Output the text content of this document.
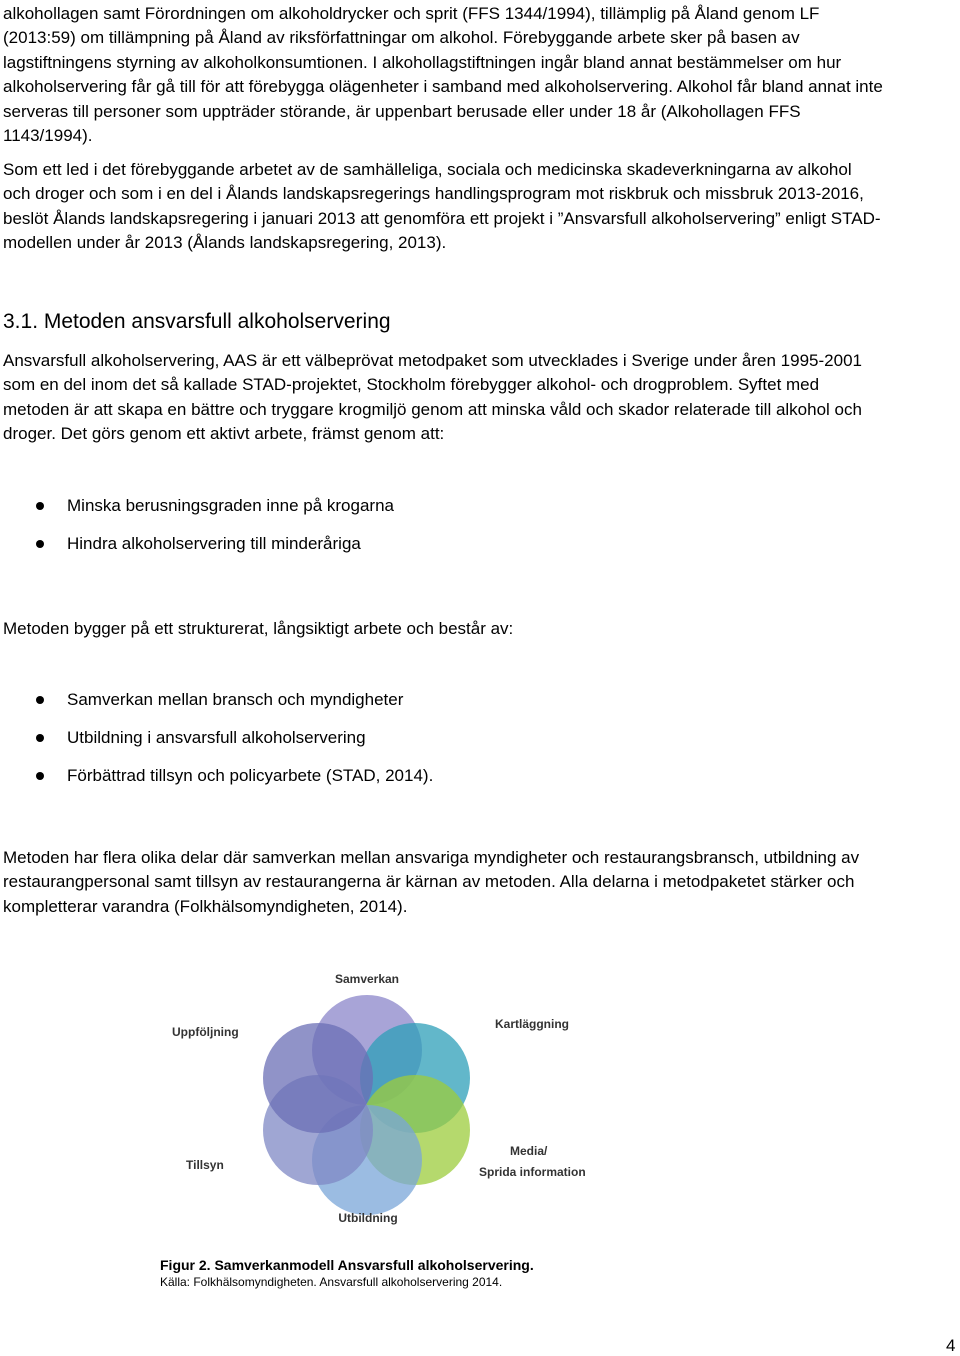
alkohollagen samt Förordningen om alkoholdrycker och sprit (FFS 1344/1994), tillämplig på Åland genom LF (2013:59) om tillämpning på Åland av riksförfattningar om alkohol. Förebyggande arbete sker på basen av lagstiftningens styrning av alkoholkonsumtionen. I alkohollagstiftningen ingår bland annat bestämmelser om hur alkoholservering får gå till för att förebygga olägenheter i samband med alkoholservering. Alkohol får bland annat inte serveras till personer som uppträder störande, är uppenbart berusade eller under 18 år (Alkohollagen FFS 1143/1994).

Som ett led i det förebyggande arbetet av de samhälleliga, sociala och medicinska skadeverkningarna av alkohol och droger och som i en del i Ålands landskapsregerings handlingsprogram mot riskbruk och missbruk 2013-2016, beslöt Ålands landskapsregering i januari 2013 att genomföra ett projekt i ”Ansvarsfull alkoholservering” enligt STAD-modellen under år 2013 (Ålands landskapsregering, 2013).

3.1. Metoden ansvarsfull alkoholservering

Ansvarsfull alkoholservering, AAS är ett välbeprövat metodpaket som utvecklades i Sverige under åren 1995-2001 som en del inom det så kallade STAD-projektet, Stockholm förebygger alkohol- och drogproblem. Syftet med metoden är att skapa en bättre och tryggare krogmiljö genom att minska våld och skador relaterade till alkohol och droger. Det görs genom ett aktivt arbete, främst genom att:

Minska berusningsgraden inne på krogarna
Hindra alkoholservering till minderåriga

Metoden bygger på ett strukturerat, långsiktigt arbete och består av:

Samverkan mellan bransch och myndigheter
Utbildning i ansvarsfull alkoholservering
Förbättrad tillsyn och policyarbete (STAD, 2014).

Metoden har flera olika delar där samverkan mellan ansvariga myndigheter och restaurangsbransch, utbildning av restaurangpersonal samt tillsyn av restaurangerna är kärnan av metoden. Alla delarna i metodpaketet stärker och kompletterar varandra (Folkhälsomyndigheten, 2014).

Samverkan
Uppföljning
Kartläggning
Tillsyn
Media/
Sprida information
Utbildning

Figur 2. Samverkanmodell Ansvarsfull alkoholservering.

Källa: Folkhälsomyndigheten. Ansvarsfull alkoholservering 2014.

4
